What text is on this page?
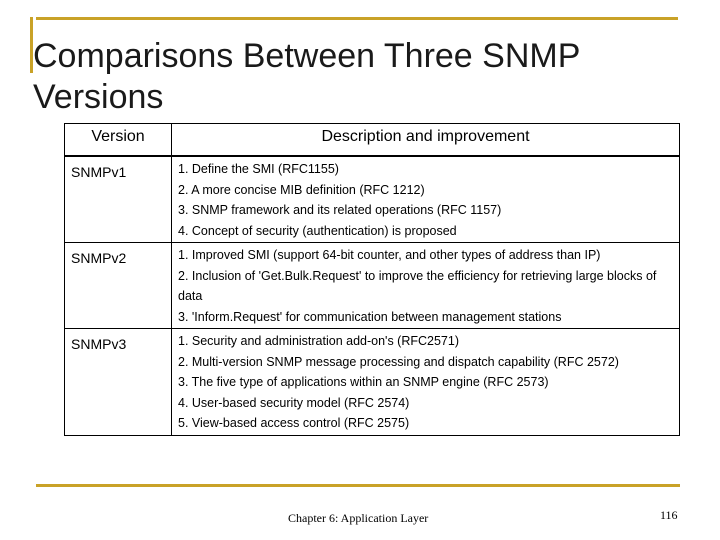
Comparisons Between Three SNMP Versions
Version	Description and improvement
SNMPv1	1. Define the SMI (RFC1155)
2. A more concise MIB definition (RFC 1212)
3. SNMP framework and its related operations (RFC 1157)
4. Concept of security (authentication) is proposed

SNMPv2	1. Improved SMI (support 64-bit counter, and other types of address than IP)
2. Inclusion of 'Get.Bulk.Request' to improve the efficiency for retrieving large blocks of data
3. 'Inform.Request' for communication between management stations

SNMPv3	1. Security and administration add-on's (RFC2571)
2. Multi-version SNMP message processing and dispatch capability (RFC 2572)
3. The five type of applications within an SNMP engine (RFC 2573)
4. User-based security model (RFC 2574)
5. View-based access control (RFC 2575)
Chapter 6: Application Layer	116
